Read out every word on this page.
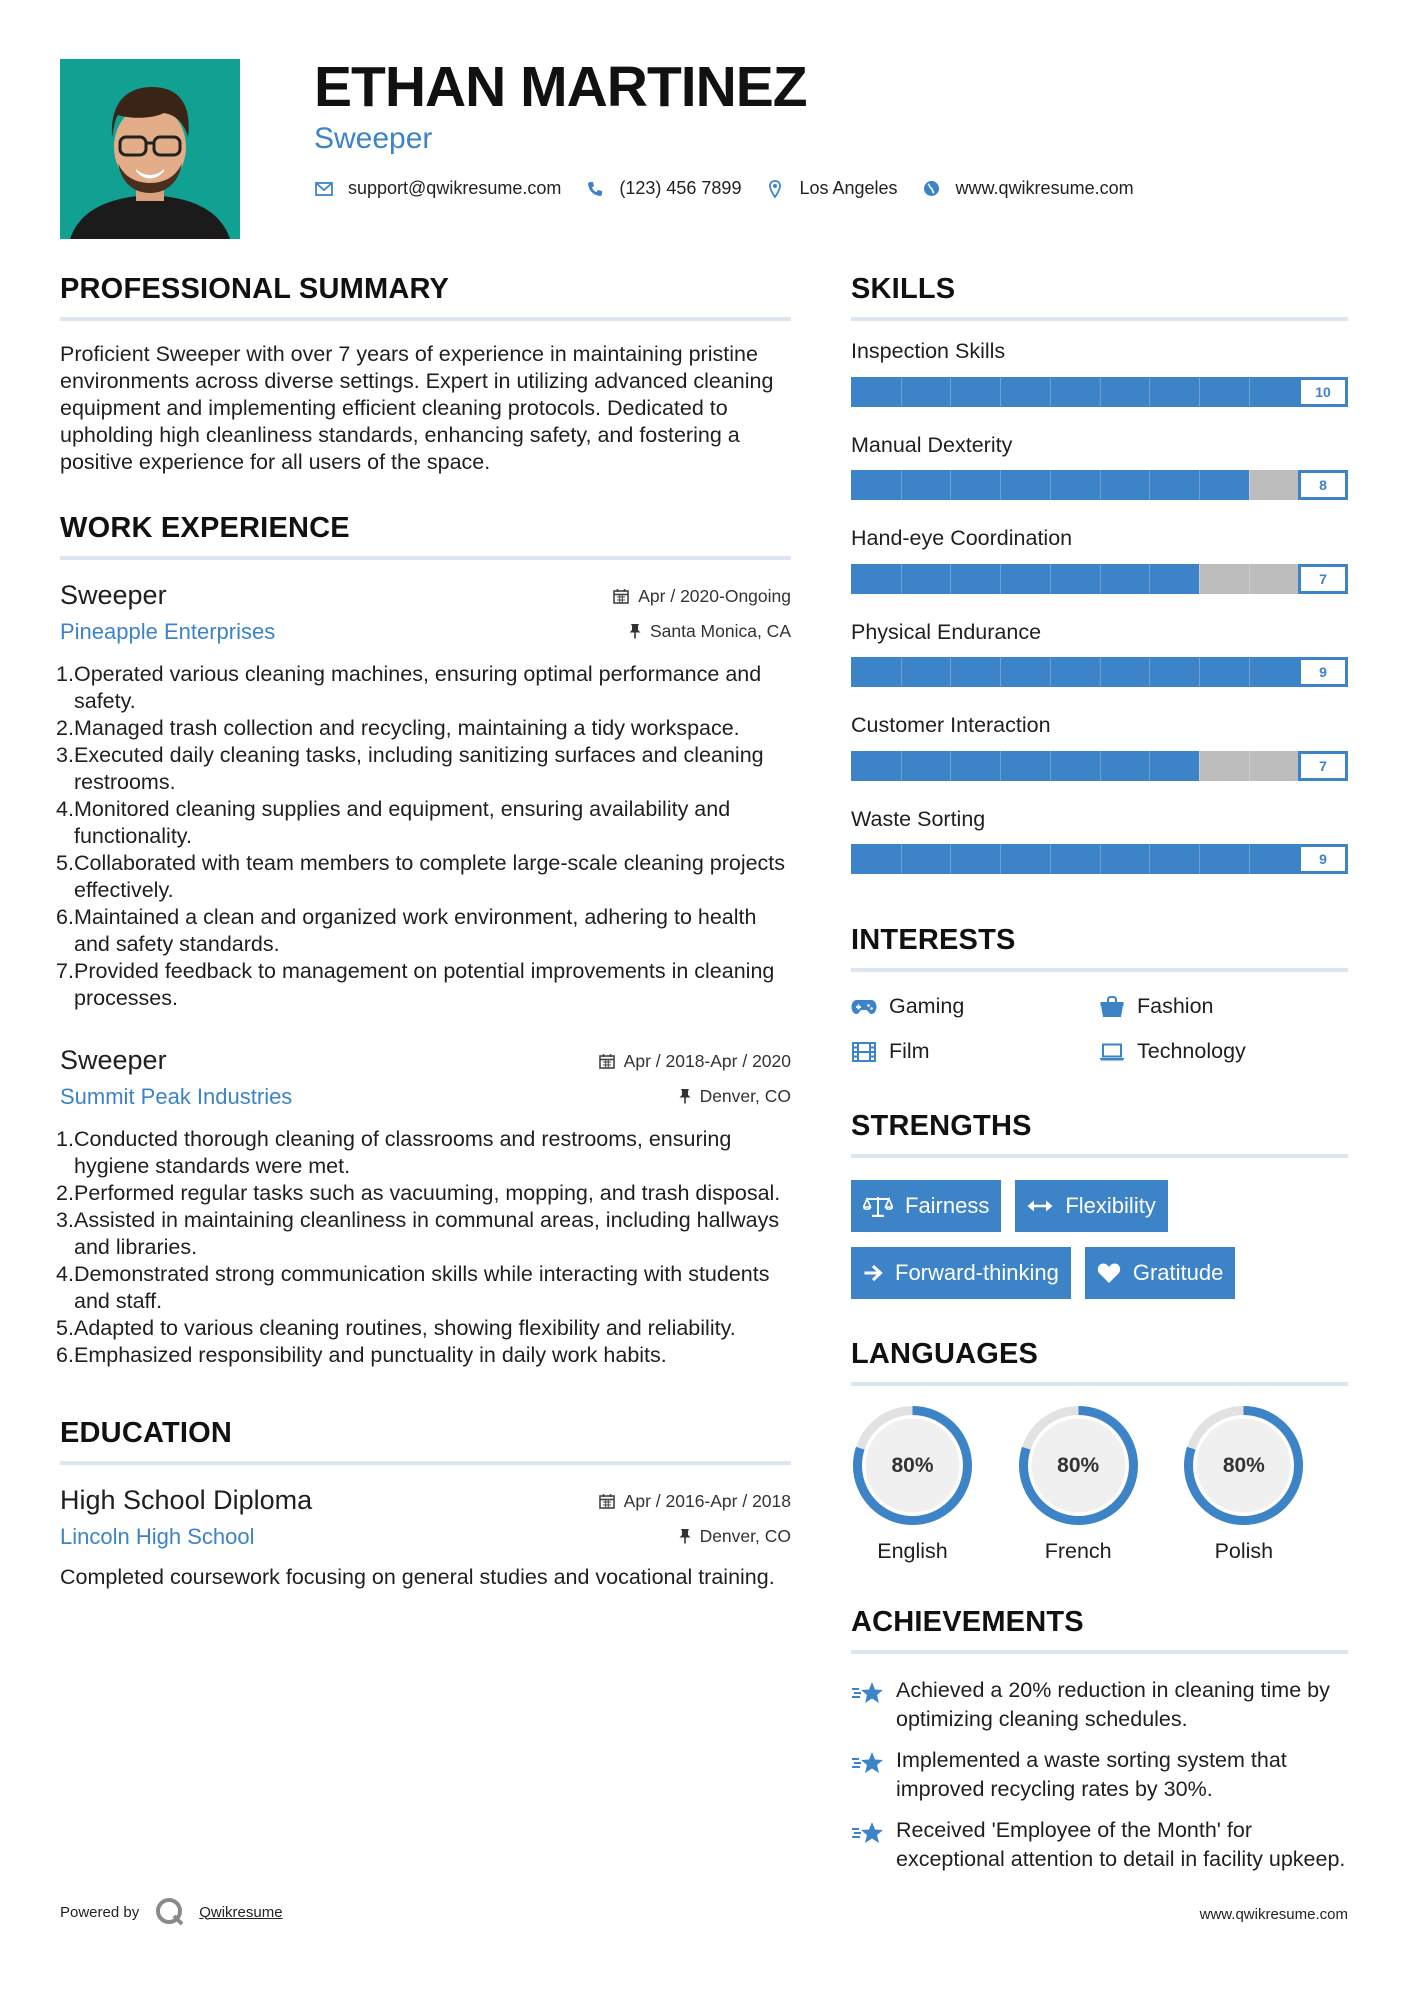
ETHAN MARTINEZ
Sweeper
support@qwikresume.com	(123) 456 7899	Los Angeles	www.qwikresume.com
PROFESSIONAL SUMMARY

Proficient Sweeper with over 7 years of experience in maintaining pristine environments across diverse settings. Expert in utilizing advanced cleaning equipment and implementing efficient cleaning protocols. Dedicated to upholding high cleanliness standards, enhancing safety, and fostering a positive experience for all users of the space.

WORK EXPERIENCE
Sweeper	Apr / 2020-Ongoing
Pineapple Enterprises	Santa Monica, CA
1. Operated various cleaning machines, ensuring optimal performance and safety.
2. Managed trash collection and recycling, maintaining a tidy workspace.
3. Executed daily cleaning tasks, including sanitizing surfaces and cleaning restrooms.
4. Monitored cleaning supplies and equipment, ensuring availability and functionality.
5. Collaborated with team members to complete large-scale cleaning projects effectively.
6. Maintained a clean and organized work environment, adhering to health and safety standards.
7. Provided feedback to management on potential improvements in cleaning processes.
Sweeper	Apr / 2018-Apr / 2020
Summit Peak Industries	Denver, CO
1. Conducted thorough cleaning of classrooms and restrooms, ensuring hygiene standards were met.
2. Performed regular tasks such as vacuuming, mopping, and trash disposal.
3. Assisted in maintaining cleanliness in communal areas, including hallways and libraries.
4. Demonstrated strong communication skills while interacting with students and staff.
5. Adapted to various cleaning routines, showing flexibility and reliability.
6. Emphasized responsibility and punctuality in daily work habits.
EDUCATION
High School Diploma	Apr / 2016-Apr / 2018
Lincoln High School	Denver, CO

Completed coursework focusing on general studies and vocational training.

SKILLS
Inspection Skills
10
Manual Dexterity
8
Hand-eye Coordination
7
Physical Endurance
9
Customer Interaction
7
Waste Sorting
9
INTERESTS
Gaming	Fashion
Film	Technology
STRENGTHS
Fairness	Flexibility
Forward-thinking	Gratitude
LANGUAGES
80%
English
80%
French
80%
Polish
ACHIEVEMENTS
Achieved a 20% reduction in cleaning time by optimizing cleaning schedules.
Implemented a waste sorting system that improved recycling rates by 30%.
Received 'Employee of the Month' for exceptional attention to detail in facility upkeep.
Powered by	Qwikresume	www.qwikresume.com
